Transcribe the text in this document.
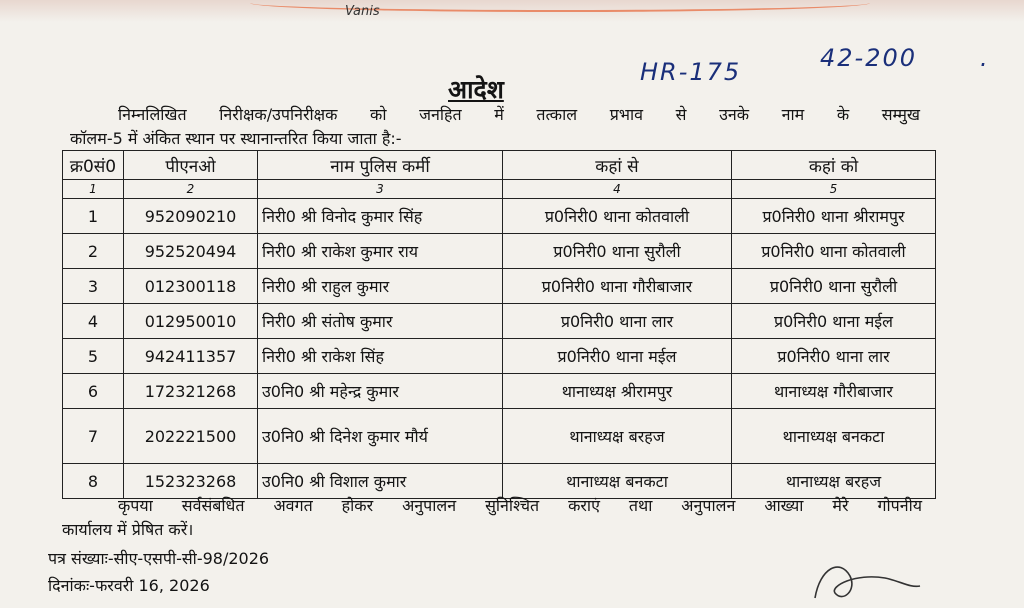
Vanis
आदेश
HR-175	42-200	.
निम्नलिखित निरीक्षक/उपनिरीक्षक को जनहित में तत्काल प्रभाव से उनके नाम के सम्मुख
कॉलम-5 में अंकित स्थान पर स्थानान्तरित किया जाता है:-
क्र0सं0	पीएनओ	नाम पुलिस कर्मी	कहां से	कहां को
1	2	3	4	5
1	952090210	निरी0 श्री विनोद कुमार सिंह	प्र0निरी0 थाना कोतवाली	प्र0निरी0 थाना श्रीरामपुर
2	952520494	निरी0 श्री राकेश कुमार राय	प्र0निरी0 थाना सुरौली	प्र0निरी0 थाना कोतवाली
3	012300118	निरी0 श्री राहुल कुमार	प्र0निरी0 थाना गौरीबाजार	प्र0निरी0 थाना सुरौली
4	012950010	निरी0 श्री संतोष कुमार	प्र0निरी0 थाना लार	प्र0निरी0 थाना मईल
5	942411357	निरी0 श्री राकेश सिंह	प्र0निरी0 थाना मईल	प्र0निरी0 थाना लार
6	172321268	उ0नि0 श्री महेन्द्र कुमार	थानाध्यक्ष श्रीरामपुर	थानाध्यक्ष गौरीबाजार
7	202221500	उ0नि0 श्री दिनेश कुमार मौर्य	थानाध्यक्ष बरहज	थानाध्यक्ष बनकटा
8	152323268	उ0नि0 श्री विशाल कुमार	थानाध्यक्ष बनकटा	थानाध्यक्ष बरहज
कृपया सर्वसंबधित अवगत होकर अनुपालन सुनिश्चित कराएं तथा अनुपालन आख्या मेरे गोपनीय
कार्यालय में प्रेषित करें।
पत्र संख्याः-सीए-एसपी-सी-98/2026
दिनांकः-फरवरी 16, 2026
